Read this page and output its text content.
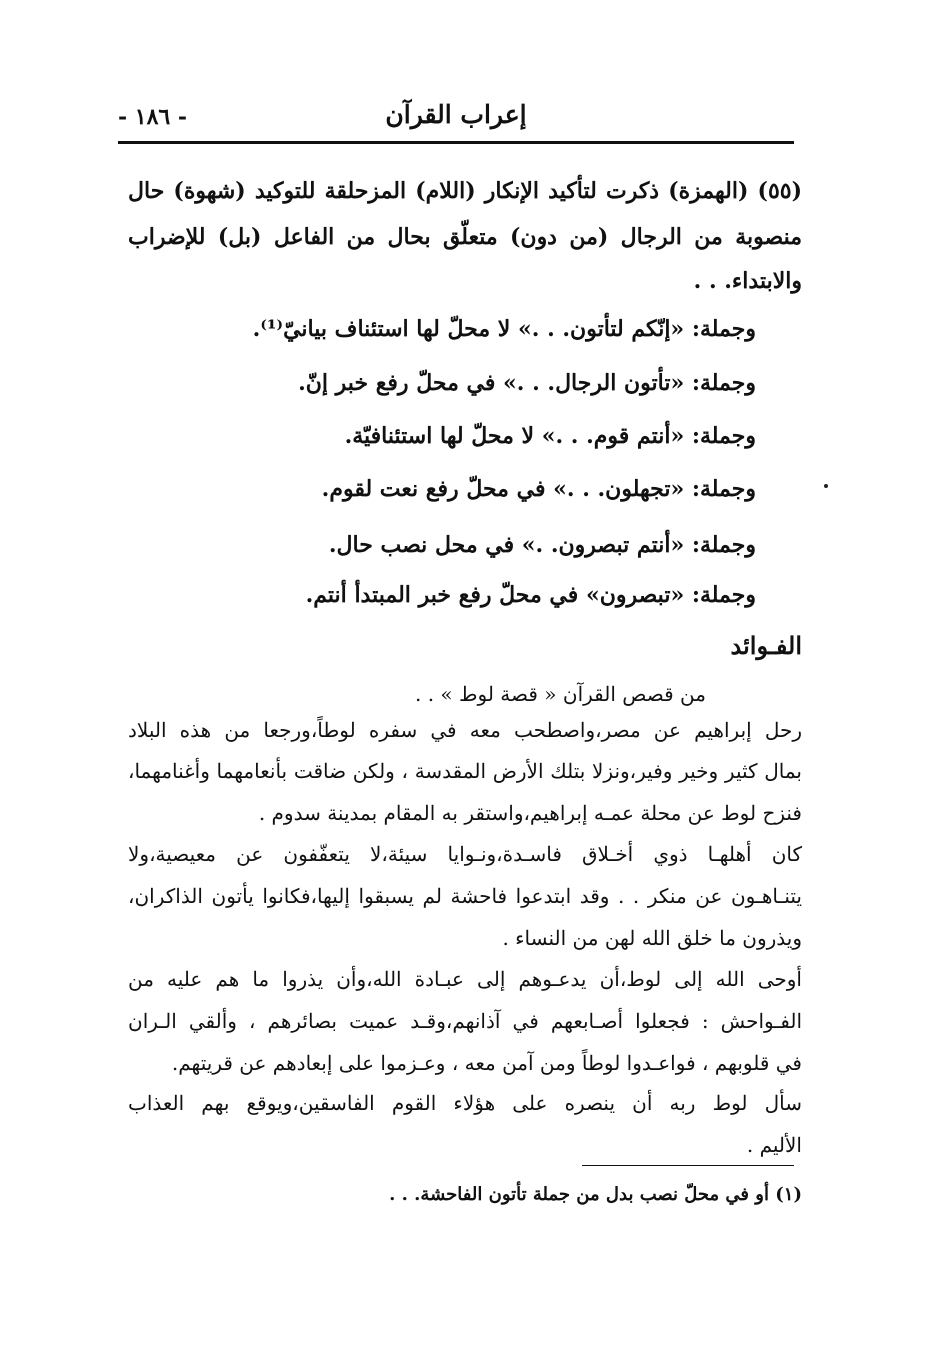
- ١٨٦ -	إعراب القرآن
(٥٥) (الهمزة) ذكرت لتأكيد الإنكار (اللام) المزحلقة للتوكيد (شهوة) حال
منصوبة من الرجال (من دون) متعلّق بحال من الفاعل (بل) للإضراب
والابتداء. . .
وجملة: «إنّكم لتأتون. . .» لا محلّ لها استئناف بيانيّ⁽¹⁾.
وجملة: «تأتون الرجال. . .» في محلّ رفع خبر إنّ.
وجملة: «أنتم قوم. . .» لا محلّ لها استئنافيّة.
وجملة: «تجهلون. . .» في محلّ رفع نعت لقوم.
وجملة: «أنتم تبصرون. .» في محل نصب حال.
وجملة: «تبصرون» في محلّ رفع خبر المبتدأ أنتم.
الفـوائد
من قصص القرآن « قصة لوط » . .
رحل إبراهيم عن مصر،واصطحب معه في سفره لوطاً،ورجعا من هذه البلاد
بمال كثير وخير وفير،ونزلا بتلك الأرض المقدسة ، ولكن ضاقت بأنعامهما وأغنامهما،
فنزح لوط عن محلة عمـه إبراهيم،واستقر به المقام بمدينة سدوم .
كان أهلهـا ذوي أخـلاق فاسـدة،ونـوايا سيئة،لا يتعفّفون عن معيصية،ولا
يتنـاهـون عن منكر . . وقد ابتدعوا فاحشة لم يسبقوا إليها،فكانوا يأتون الذاكران،
ويذرون ما خلق الله لهن من النساء .
أوحى الله إلى لوط،أن يدعـوهم إلى عبـادة الله،وأن يذروا ما هم عليه من
الفـواحش : فجعلوا أصـابعهم في آذانهم،وقـد عميت بصائرهم ، وألقي الـران
في قلوبهم ، فواعـدوا لوطاً ومن آمن معه ، وعـزموا على إبعادهم عن قريتهم.
سأل لوط ربه أن ينصره على هؤلاء القوم الفاسقين،ويوقع بهم العذاب
الأليم .
(١) أو في محلّ نصب بدل من جملة تأتون الفاحشة. . .
